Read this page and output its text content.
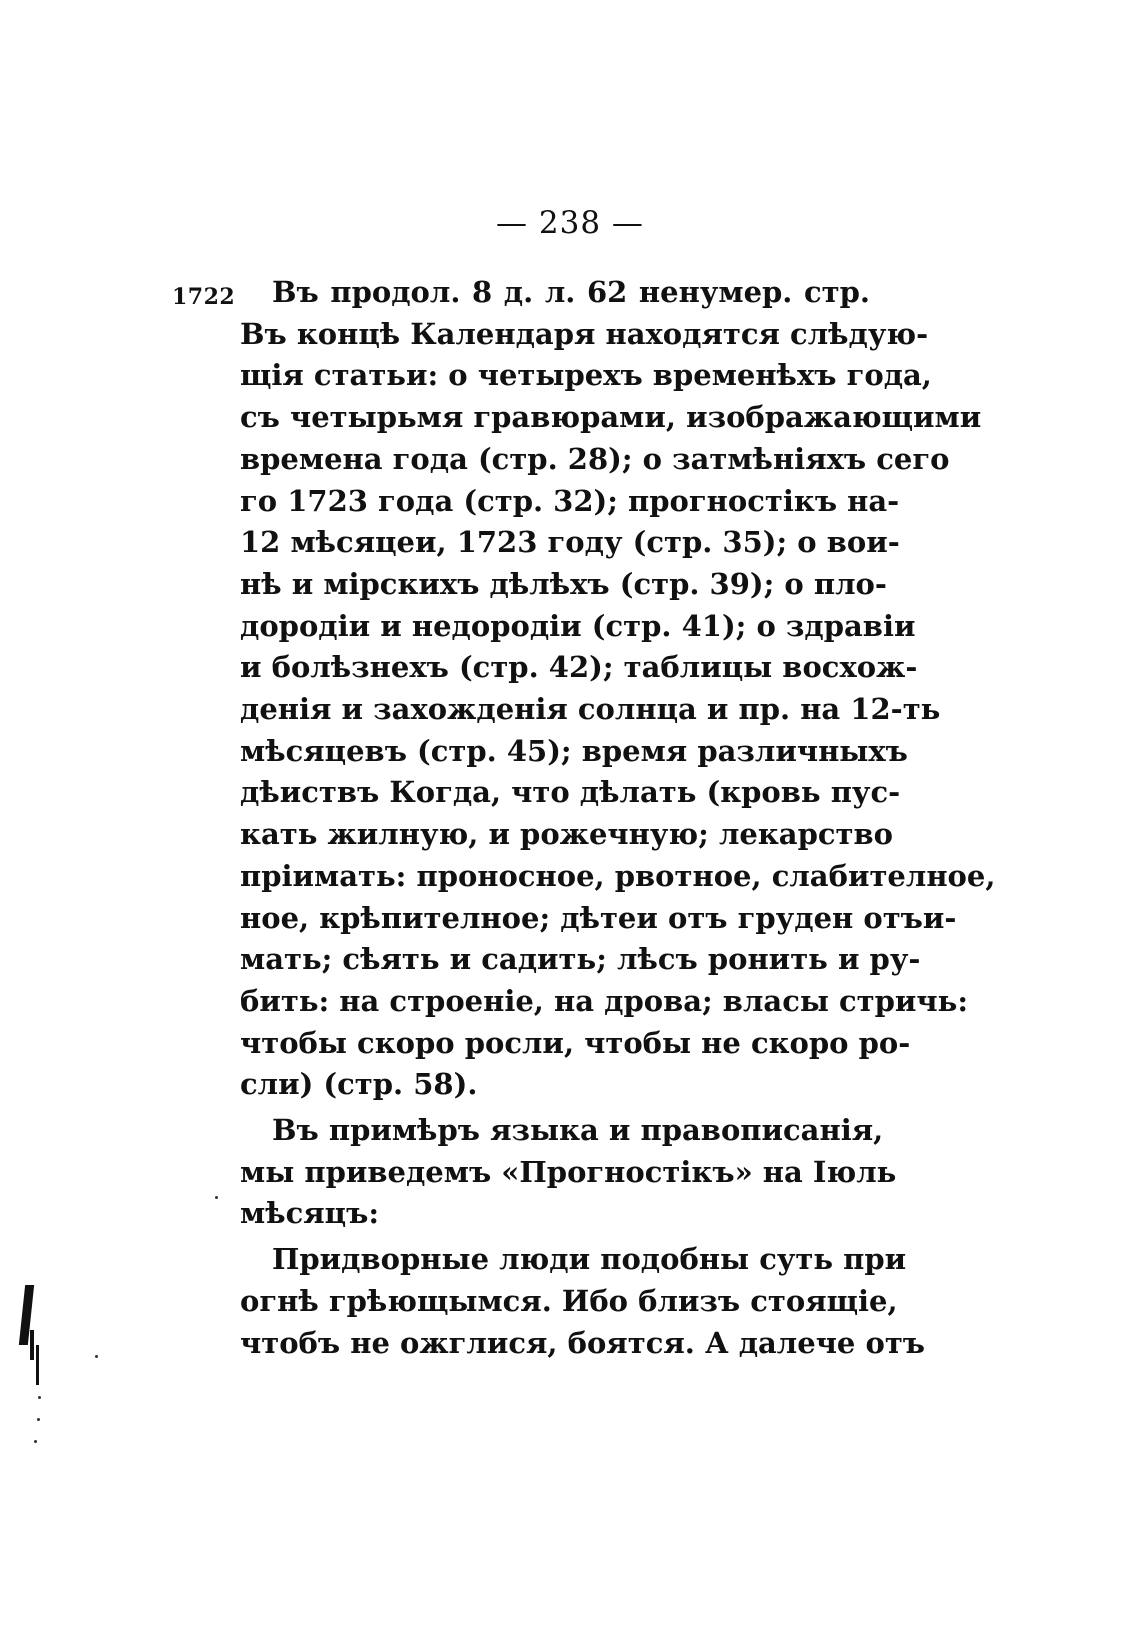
— 238 —
1722	Въ продол. 8 д. л. 62 ненумер. стр.
Въ концѣ Календаря находятся слѣдую-
щія статьи: о четырехъ временѣхъ года,
съ четырьмя гравюрами, изображающими
времена года (стр. 28); о затмѣніяхъ сего
го 1723 года (стр. 32); прогностікъ на-
12 мѣсяцеи, 1723 году (стр. 35); о вои-
нѣ и мірскихъ дѣлѣхъ (стр. 39); о пло-
дородіи и недородіи (стр. 41); о здравіи
и болѣзнехъ (стр. 42); таблицы восхож-
денія и захожденія солнца и пр. на 12-ть
мѣсяцевъ (стр. 45); время различныхъ
дѣиствъ Когда, что дѣлать (кровь пус-
кать жилную, и рожечную; лекарство
пріимать: проносное, рвотное, слабителное,
ное, крѣпителное; дѣтеи отъ груден отъи-
мать; сѣять и садить; лѣсъ ронить и ру-
бить: на строеніе, на дрова; власы стричь:
чтобы скоро росли, чтобы не скоро ро-
сли) (стр. 58).
Въ примѣръ языка и правописанія,
мы приведемъ «Прогностікъ» на Іюль
мѣсяцъ:
Придворные люди подобны суть при
огнѣ грѣющымся. Ибо близъ стоящіе,
чтобъ не ожглися, боятся. А далече отъ
